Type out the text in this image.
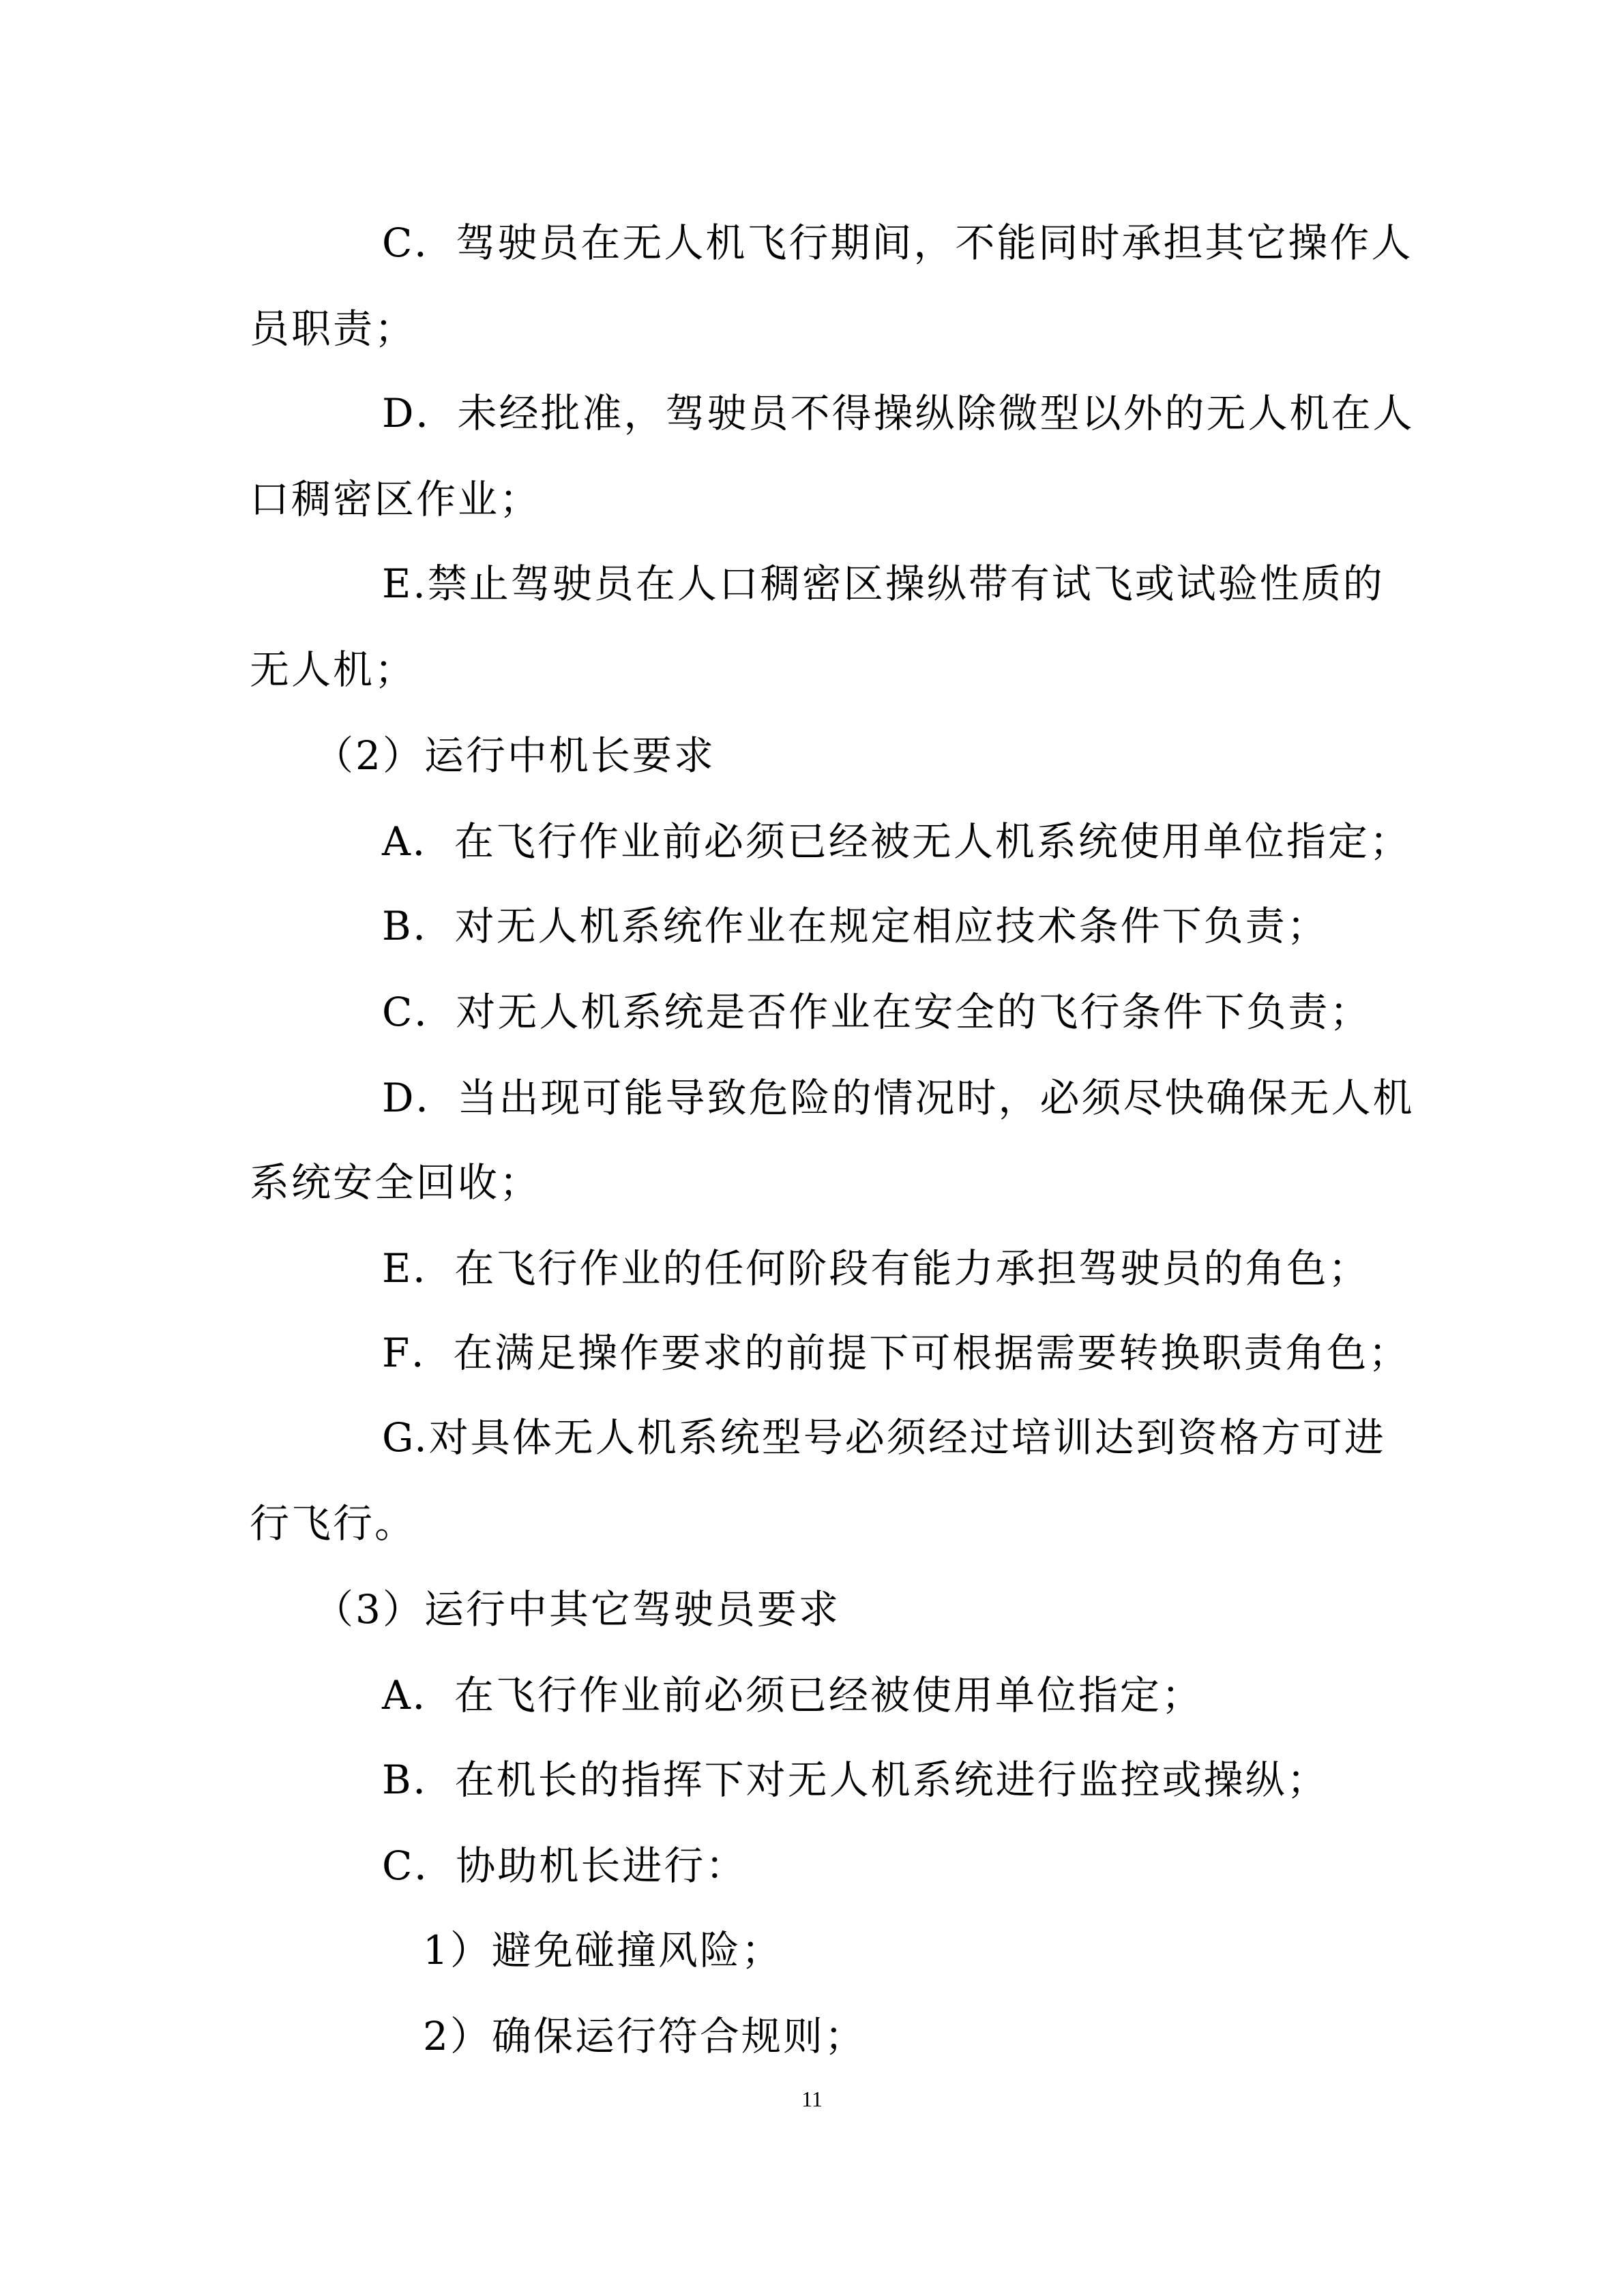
C．驾驶员在无人机飞行期间，不能同时承担其它操作人
员职责；
D．未经批准，驾驶员不得操纵除微型以外的无人机在人
口稠密区作业；
E.禁止驾驶员在人口稠密区操纵带有试飞或试验性质的
无人机；
（2）运行中机长要求
A．在飞行作业前必须已经被无人机系统使用单位指定；
B．对无人机系统作业在规定相应技术条件下负责；
C．对无人机系统是否作业在安全的飞行条件下负责；
D．当出现可能导致危险的情况时，必须尽快确保无人机
系统安全回收；
E．在飞行作业的任何阶段有能力承担驾驶员的角色；
F．在满足操作要求的前提下可根据需要转换职责角色；
G.对具体无人机系统型号必须经过培训达到资格方可进
行飞行。
（3）运行中其它驾驶员要求
A．在飞行作业前必须已经被使用单位指定；
B．在机长的指挥下对无人机系统进行监控或操纵；
C．协助机长进行：
1）避免碰撞风险；
2）确保运行符合规则；
11
